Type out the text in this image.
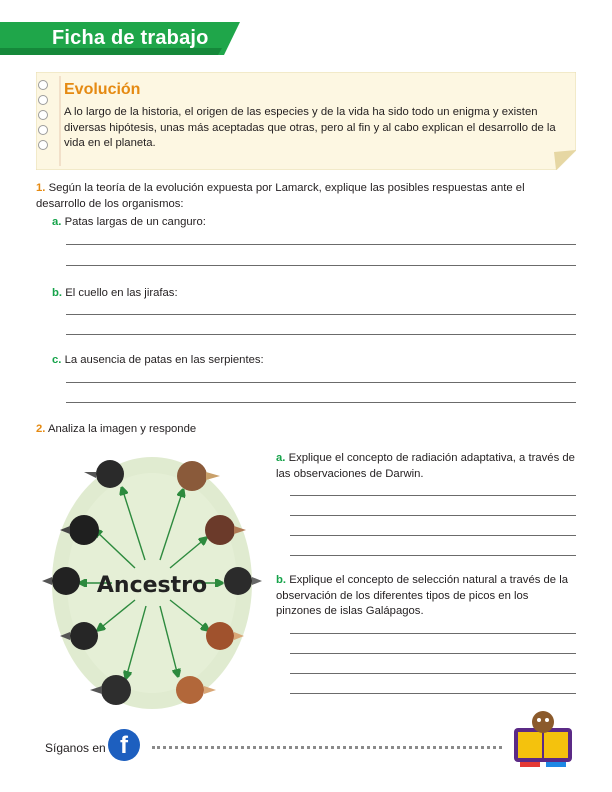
Ficha de trabajo
Evolución
A lo largo de la historia, el origen de las especies y de la vida ha sido todo un enigma y existen diversas hipótesis, unas más aceptadas que otras, pero al fin y al cabo explican el desarrollo de la vida en el planeta.
1. Según la teoría de la evolución expuesta por Lamarck, explique las posibles respuestas ante el desarrollo de los organismos:
a. Patas largas de un canguro:
b. El cuello en las jirafas:
c. La ausencia de patas en las serpientes:
2. Analiza la imagen y responde
Ancestro
a. Explique el concepto de radiación adaptativa, a través de las observaciones de Darwin.
b. Explique el concepto de selección natural a través de la observación de los diferentes tipos de picos en los pinzones de islas Galápagos.
Síganos en f
